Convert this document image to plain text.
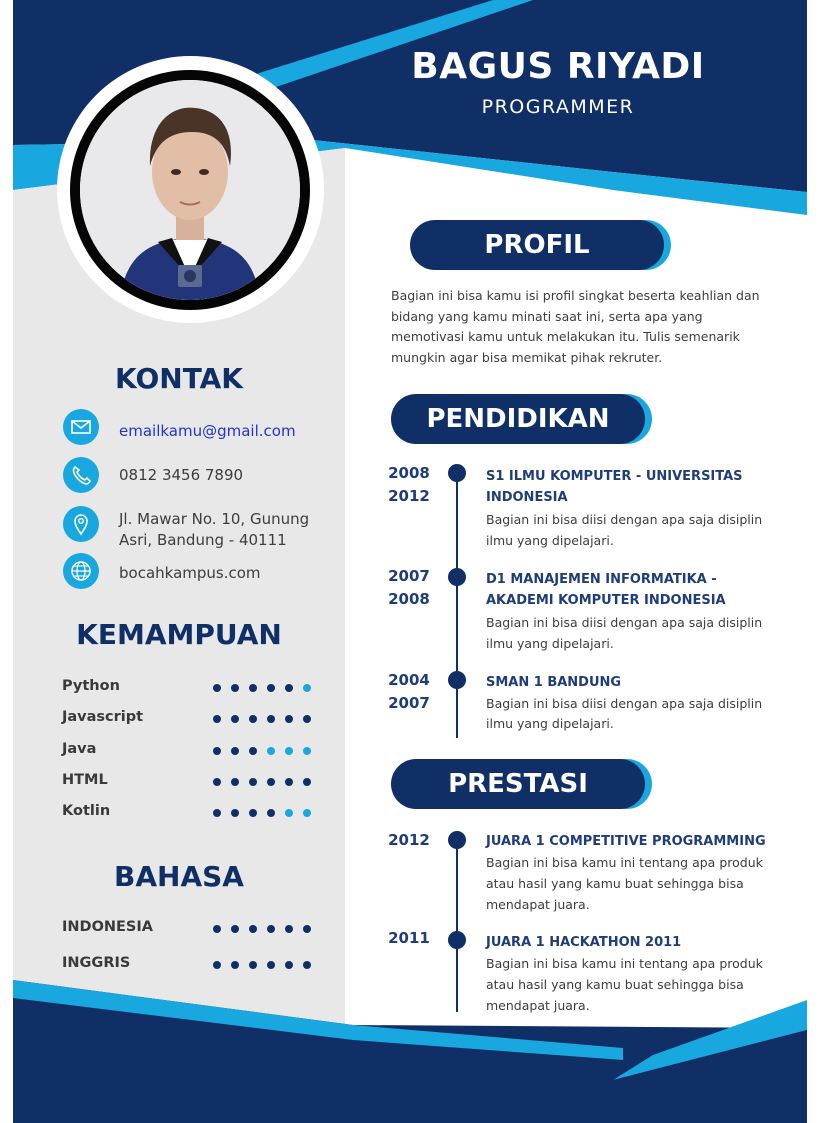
BAGUS RIYADI
PROGRAMMER
KONTAK
emailkamu@gmail.com
0812 3456 7890
Jl. Mawar No. 10, Gunung
Asri, Bandung - 40111
bocahkampus.com
KEMAMPUAN
BAHASA
PROFIL
Bagian ini bisa kamu isi profil singkat beserta keahlian dan bidang yang kamu minati saat ini, serta apa yang memotivasi kamu untuk melakukan itu. Tulis semenarik mungkin agar bisa memikat pihak rekruter.
PENDIDIKAN
2008
2012
S1 ILMU KOMPUTER - UNIVERSITAS
INDONESIA
Bagian ini bisa diisi dengan apa saja disiplin
ilmu yang dipelajari.
2007
2008
D1 MANAJEMEN INFORMATIKA -
AKADEMI KOMPUTER INDONESIA
Bagian ini bisa diisi dengan apa saja disiplin
ilmu yang dipelajari.
2004
2007
SMAN 1 BANDUNG
Bagian ini bisa diisi dengan apa saja disiplin
ilmu yang dipelajari.
PRESTASI
2012	JUARA 1 COMPETITIVE PROGRAMMING
Bagian ini bisa kamu ini tentang apa produk
atau hasil yang kamu buat sehingga bisa
mendapat juara.
2011	JUARA 1 HACKATHON 2011
Bagian ini bisa kamu ini tentang apa produk
atau hasil yang kamu buat sehingga bisa
mendapat juara.
Python
Javascript
Java
HTML
Kotlin
INDONESIA
INGGRIS
